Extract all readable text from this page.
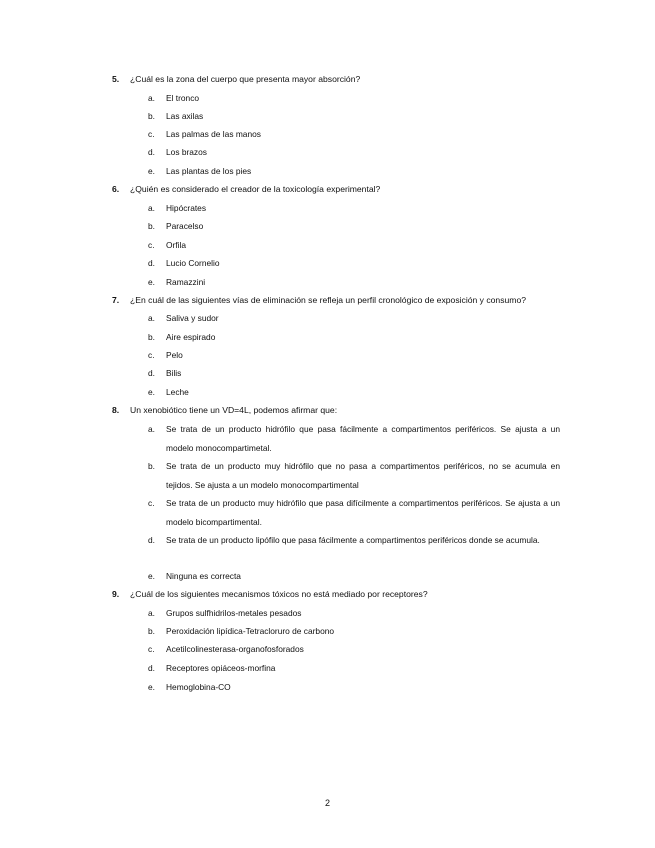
5. ¿Cuál es la zona del cuerpo que presenta mayor absorción?
a. El tronco
b. Las axilas
c. Las palmas de las manos
d. Los brazos
e. Las plantas de los pies
6. ¿Quién es considerado el creador de la toxicología experimental?
a. Hipócrates
b. Paracelso
c. Orfila
d. Lucio Cornelio
e. Ramazzini
7. ¿En cuál de las siguientes vías de eliminación se refleja un perfil cronológico de exposición y consumo?
a. Saliva y sudor
b. Aire espirado
c. Pelo
d. Bilis
e. Leche
8. Un xenobiótico tiene un VD=4L, podemos afirmar que:
a. Se trata de un producto hidrófilo que pasa fácilmente a compartimentos periféricos. Se ajusta a un modelo monocompartimetal.
b. Se trata de un producto muy hidrófilo que no pasa a compartimentos periféricos, no se acumula en tejidos. Se ajusta a un modelo monocompartimental
c. Se trata de un producto muy hidrófilo que pasa difícilmente a compartimentos periféricos. Se ajusta a un modelo bicompartimental.
d. Se trata de un producto lipófilo que pasa fácilmente a compartimentos periféricos donde se acumula.
e. Ninguna es correcta
9. ¿Cuál de los siguientes mecanismos tóxicos no está mediado por receptores?
a. Grupos sulfhidrilos-metales pesados
b. Peroxidación lipídica-Tetracloruro de carbono
c. Acetilcolinesterasa-organofosforados
d. Receptores opiáceos-morfina
e. Hemoglobina-CO
2
